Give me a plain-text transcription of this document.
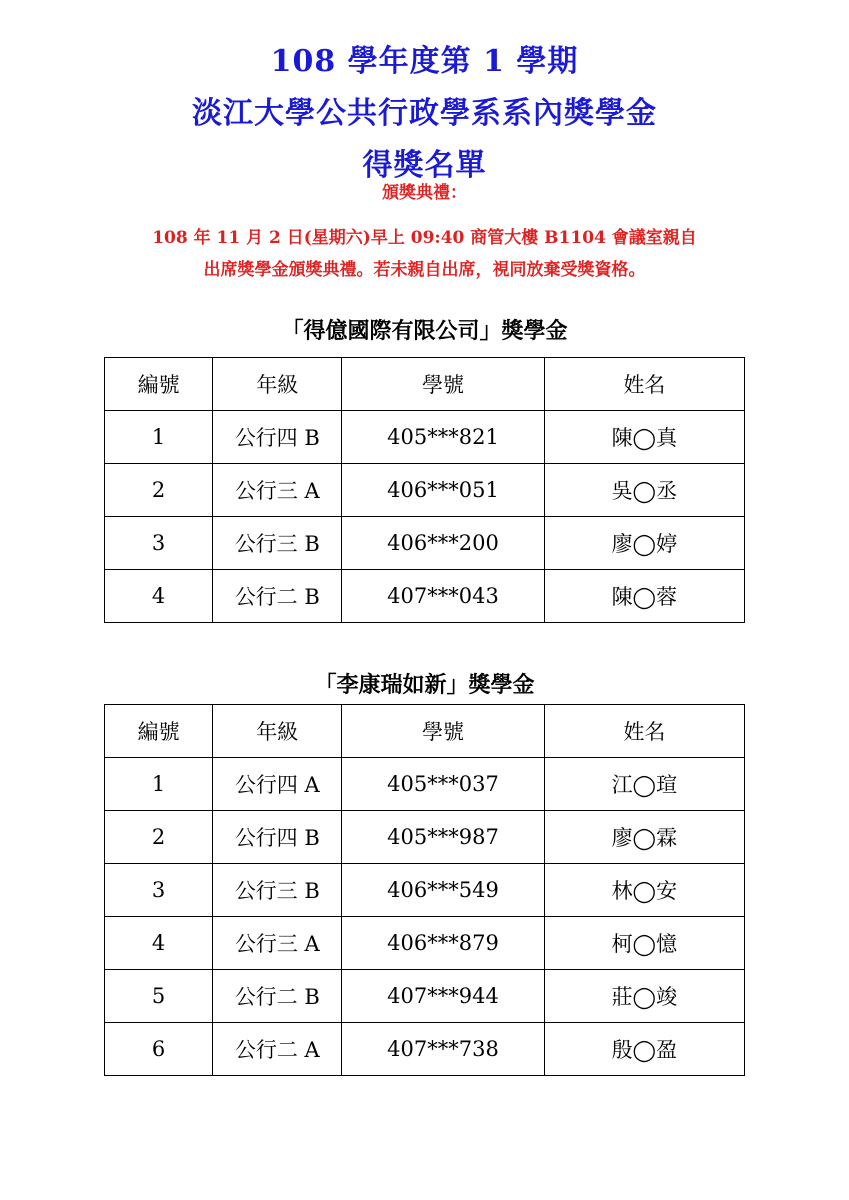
108 學年度第 1 學期
淡江大學公共行政學系系內獎學金
得獎名單
頒獎典禮：
108 年 11 月 2 日(星期六)早上 09:40 商管大樓 B1104 會議室親自
出席獎學金頒獎典禮。若未親自出席，視同放棄受獎資格。
「得億國際有限公司」獎學金
編號	年級	學號	姓名
1	公行四 B	405***821	陳◯真
2	公行三 A	406***051	吳◯丞
3	公行三 B	406***200	廖◯婷
4	公行二 B	407***043	陳◯蓉
「李康瑞如新」獎學金
編號	年級	學號	姓名
1	公行四 A	405***037	江◯瑄
2	公行四 B	405***987	廖◯霖
3	公行三 B	406***549	林◯安
4	公行三 A	406***879	柯◯憶
5	公行二 B	407***944	莊◯竣
6	公行二 A	407***738	殷◯盈
